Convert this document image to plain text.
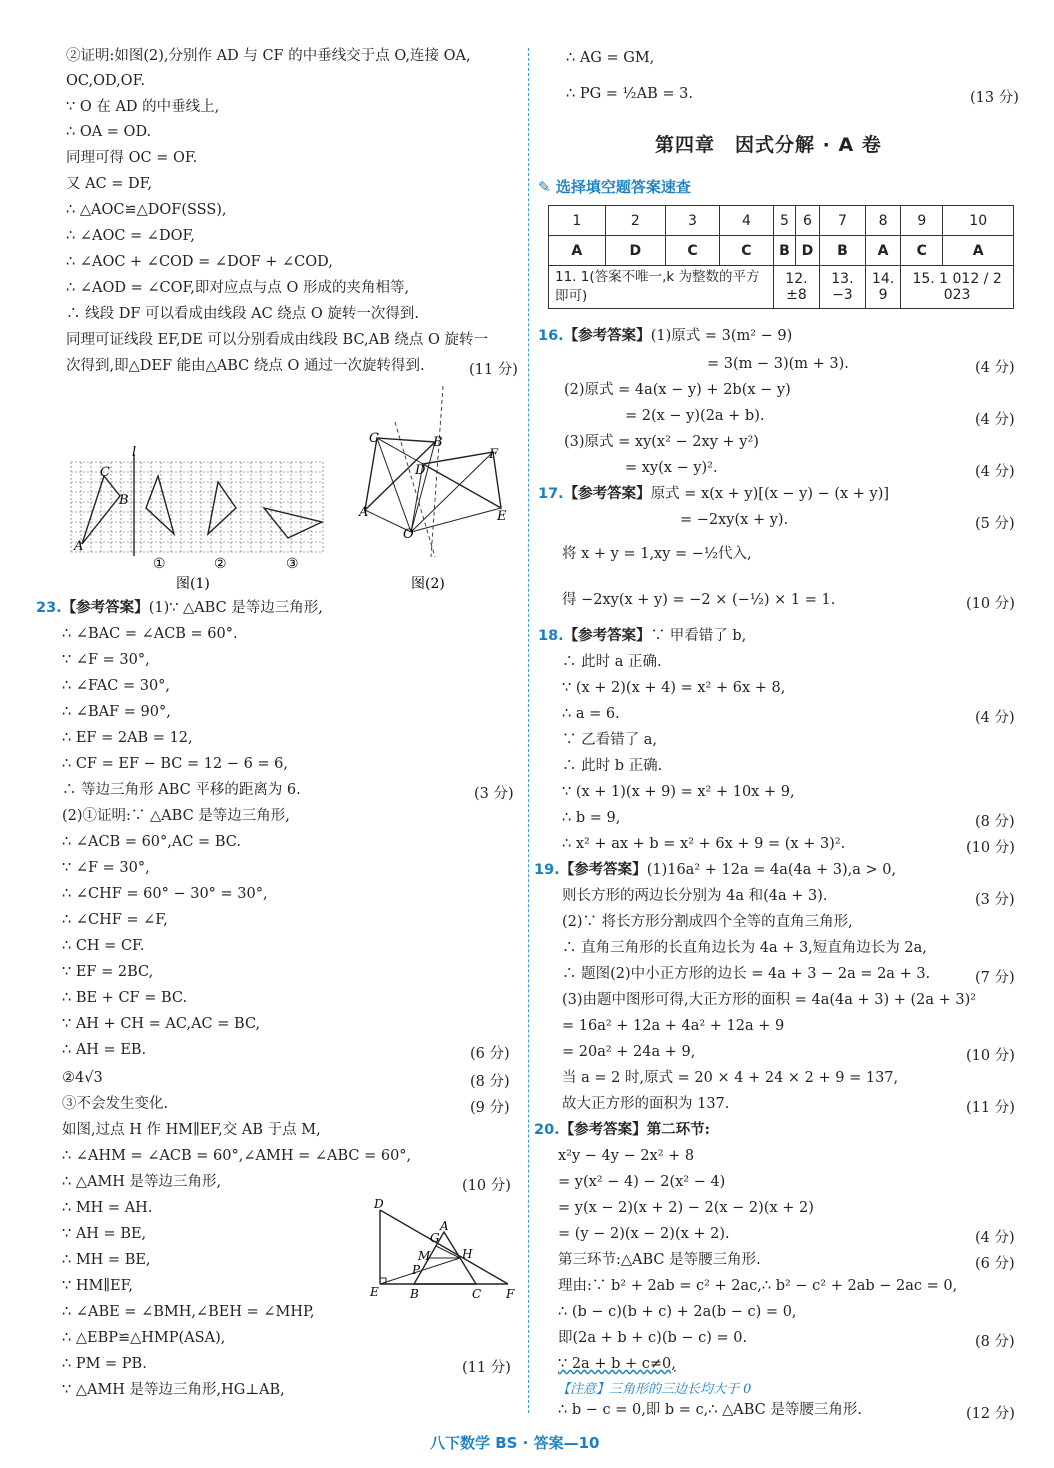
②证明:如图(2),分别作 AD 与 CF 的中垂线交于点 O,连接 OA,
OC,OD,OF.
∵ O 在 AD 的中垂线上,
∴ OA = OD.
同理可得 OC = OF.
又 AC = DF,
∴ △AOC≌△DOF(SSS),
∴ ∠AOC = ∠DOF,
∴ ∠AOC + ∠COD = ∠DOF + ∠COD,
∴ ∠AOD = ∠COF,即对应点与点 O 形成的夹角相等,
∴ 线段 DF 可以看成由线段 AC 绕点 O 旋转一次得到.
同理可证线段 EF,DE 可以分别看成由线段 BC,AB 绕点 O 旋转一
次得到,即△DEF 能由△ABC 绕点 O 通过一次旋转得到.	(11 分)
l
A
B
C
①	②	③
图(1)
C	B
D
F
A	E
O
图(2)
23.【参考答案】(1)∵ △ABC 是等边三角形,
∴ ∠BAC = ∠ACB = 60°.
∵ ∠F = 30°,
∴ ∠FAC = 30°,
∴ ∠BAF = 90°,
∴ EF = 2AB = 12,
∴ CF = EF − BC = 12 − 6 = 6,
∴ 等边三角形 ABC 平移的距离为 6.	(3 分)
(2)①证明:∵ △ABC 是等边三角形,
∴ ∠ACB = 60°,AC = BC.
∵ ∠F = 30°,
∴ ∠CHF = 60° − 30° = 30°,
∴ ∠CHF = ∠F,
∴ CH = CF.
∵ EF = 2BC,
∴ BE + CF = BC.
∵ AH + CH = AC,AC = BC,
∴ AH = EB.	(6 分)
②4√3	(8 分)
③不会发生变化.	(9 分)
如图,过点 H 作 HM∥EF,交 AB 于点 M,
∴ ∠AHM = ∠ACB = 60°,∠AMH = ∠ABC = 60°,
∴ △AMH 是等边三角形,	(10 分)
∴ MH = AH.
∵ AH = BE,
∴ MH = BE,
∵ HM∥EF,
∴ ∠ABE = ∠BMH,∠BEH = ∠MHP,
∴ △EBP≌△HMP(ASA),
∴ PM = PB.	(11 分)
∵ △AMH 是等边三角形,HG⊥AB,
D
A
G
M	H
P
E	B	C F
∴ AG = GM,
∴ PG = ½AB = 3.	(13 分)
第四章　因式分解 · A 卷
✎ 选择填空题答案速查
1	2	3	4	5	6	7	8	9	10
A	D	C	C	B	D	B	A	C	A
11. 1(答案不唯一,k 为整数的平方即可)				12. ±8		13. −3	14. 9	15. 1 012 / 2 023	
16.【参考答案】(1)原式 = 3(m² − 9)
= 3(m − 3)(m + 3).	(4 分)
(2)原式 = 4a(x − y) + 2b(x − y)
= 2(x − y)(2a + b).	(4 分)
(3)原式 = xy(x² − 2xy + y²)
= xy(x − y)².	(4 分)
17.【参考答案】原式 = x(x + y)[(x − y) − (x + y)]
= −2xy(x + y).	(5 分)
将 x + y = 1,xy = −½代入,
得 −2xy(x + y) = −2 × (−½) × 1 = 1.	(10 分)
18.【参考答案】∵ 甲看错了 b,
∴ 此时 a 正确.
∵ (x + 2)(x + 4) = x² + 6x + 8,
∴ a = 6.	(4 分)
∵ 乙看错了 a,
∴ 此时 b 正确.
∵ (x + 1)(x + 9) = x² + 10x + 9,
∴ b = 9,	(8 分)
∴ x² + ax + b = x² + 6x + 9 = (x + 3)².	(10 分)
19.【参考答案】(1)16a² + 12a = 4a(4a + 3),a > 0,
则长方形的两边长分别为 4a 和(4a + 3).	(3 分)
(2)∵ 将长方形分割成四个全等的直角三角形,
∴ 直角三角形的长直角边长为 4a + 3,短直角边长为 2a,
∴ 题图(2)中小正方形的边长 = 4a + 3 − 2a = 2a + 3.	(7 分)
(3)由题中图形可得,大正方形的面积 = 4a(4a + 3) + (2a + 3)²
= 16a² + 12a + 4a² + 12a + 9
= 20a² + 24a + 9,	(10 分)
当 a = 2 时,原式 = 20 × 4 + 24 × 2 + 9 = 137,
故大正方形的面积为 137.	(11 分)
20.【参考答案】第二环节:
x²y − 4y − 2x² + 8
= y(x² − 4) − 2(x² − 4)
= y(x − 2)(x + 2) − 2(x − 2)(x + 2)
= (y − 2)(x − 2)(x + 2).	(4 分)
第三环节:△ABC 是等腰三角形.	(6 分)
理由:∵ b² + 2ab = c² + 2ac,∴ b² − c² + 2ab − 2ac = 0,
∴ (b − c)(b + c) + 2a(b − c) = 0,
即(2a + b + c)(b − c) = 0.	(8 分)
∵ 2a + b + c≠0,
【注意】三角形的三边长均大于 0
∴ b − c = 0,即 b = c,∴ △ABC 是等腰三角形.	(12 分)
八下数学 BS · 答案—10
